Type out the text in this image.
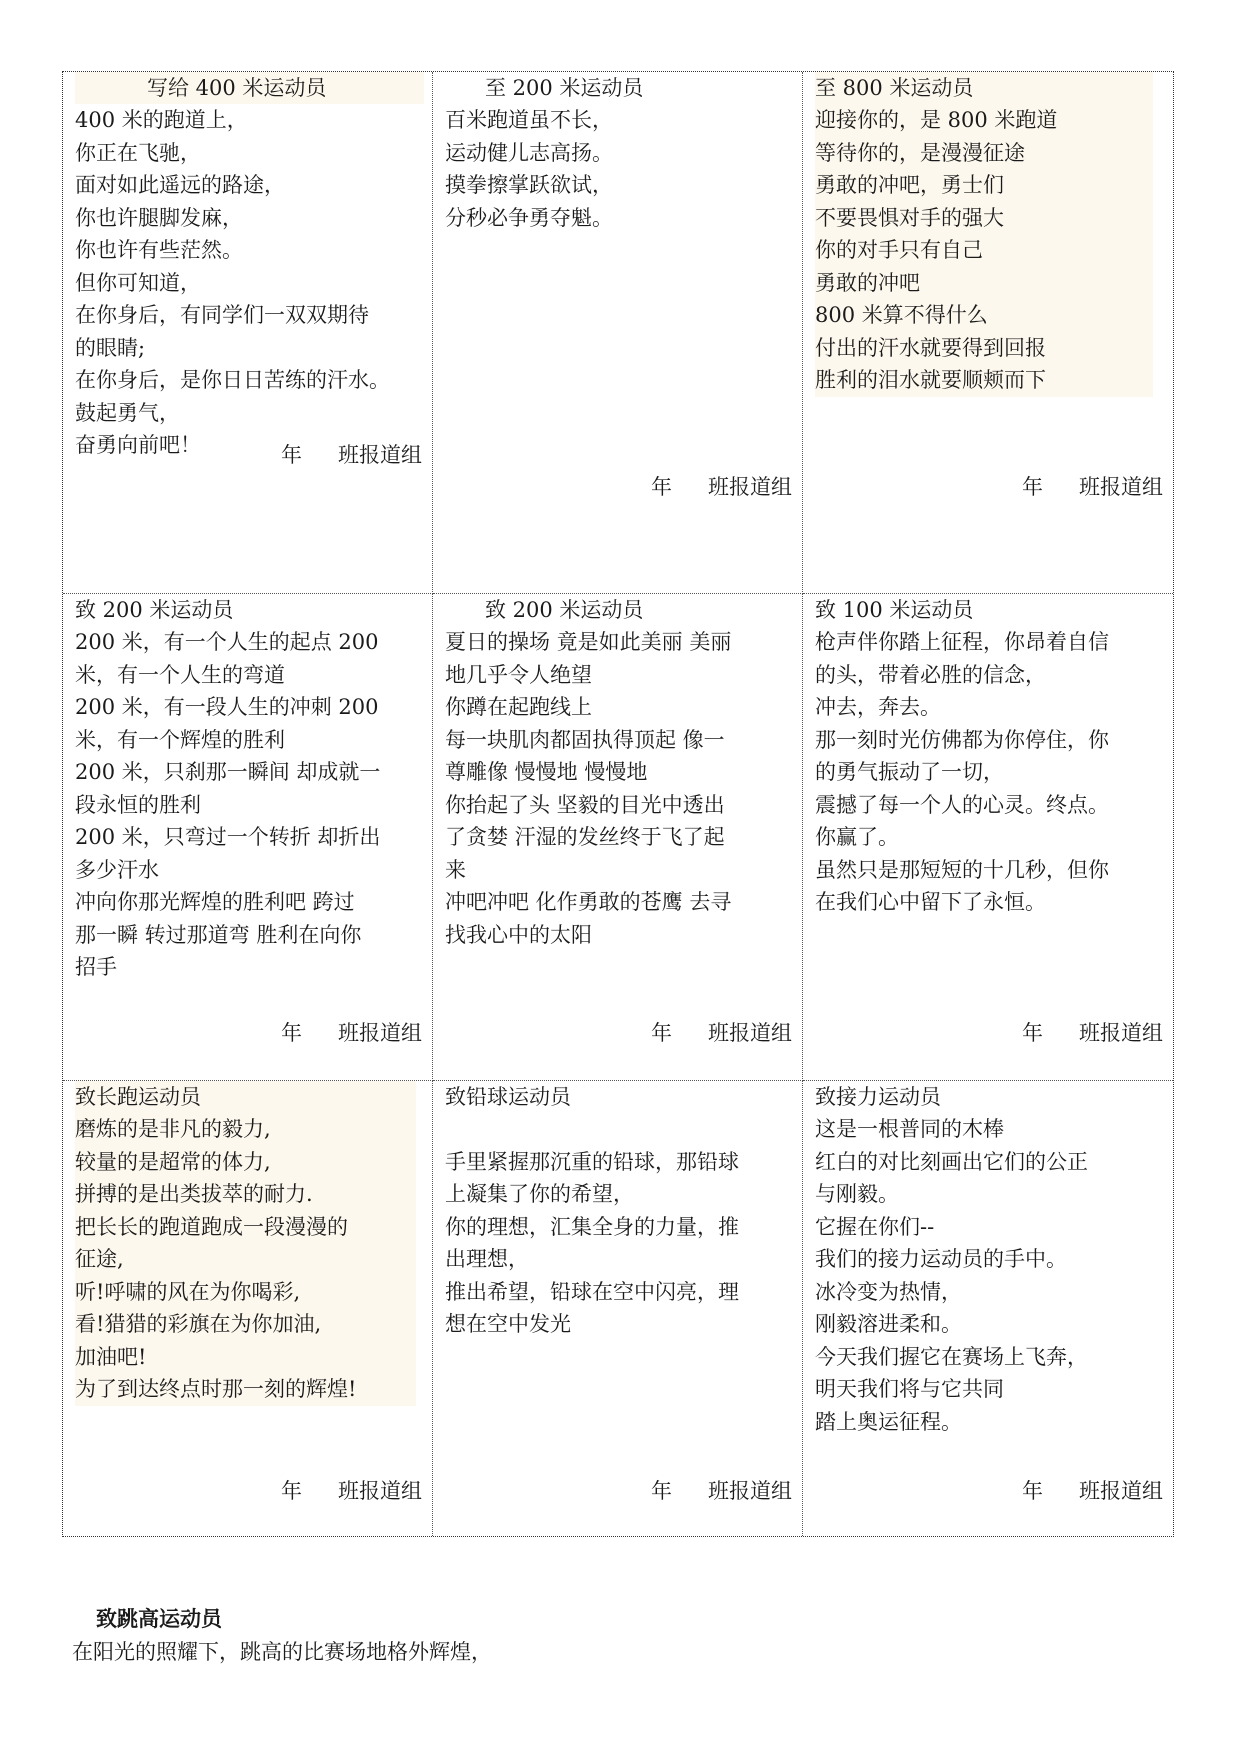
写给 400 米运动员
400 米的跑道上，
你正在飞驰，
面对如此遥远的路途，
你也许腿脚发麻，
你也许有些茫然。
但你可知道，
在你身后，有同学们一双双期待
的眼睛;
在你身后，是你日日苦练的汗水。
鼓起勇气，
奋勇向前吧！	年 班报道组
至 200 米运动员
百米跑道虽不长，
运动健儿志高扬。
摸拳擦掌跃欲试，
分秒必争勇夺魁。
年 班报道组
至 800 米运动员
迎接你的，是 800 米跑道
等待你的，是漫漫征途
勇敢的冲吧，勇士们
不要畏惧对手的强大
你的对手只有自己
勇敢的冲吧
800 米算不得什么
付出的汗水就要得到回报
胜利的泪水就要顺颊而下
年 班报道组
致 200 米运动员
200 米，有一个人生的起点 200
米，有一个人生的弯道
200 米，有一段人生的冲刺 200
米，有一个辉煌的胜利
200 米，只刹那一瞬间 却成就一
段永恒的胜利
200 米，只弯过一个转折 却折出
多少汗水
冲向你那光辉煌的胜利吧 跨过
那一瞬 转过那道弯 胜利在向你
招手
年 班报道组
致 200 米运动员
夏日的操场 竟是如此美丽 美丽
地几乎令人绝望
你蹲在起跑线上
每一块肌肉都固执得顶起 像一
尊雕像 慢慢地 慢慢地
你抬起了头 坚毅的目光中透出
了贪婪 汗湿的发丝终于飞了起
来
冲吧冲吧 化作勇敢的苍鹰 去寻
找我心中的太阳
年 班报道组
致 100 米运动员
枪声伴你踏上征程，你昂着自信
的头，带着必胜的信念，
冲去，奔去。
那一刻时光仿佛都为你停住，你
的勇气振动了一切，
震撼了每一个人的心灵。终点。
你赢了。
虽然只是那短短的十几秒，但你
在我们心中留下了永恒。
年 班报道组
致长跑运动员
磨炼的是非凡的毅力,
较量的是超常的体力,
拼搏的是出类拔萃的耐力.
把长长的跑道跑成一段漫漫的
征途,
听!呼啸的风在为你喝彩,
看!猎猎的彩旗在为你加油,
加油吧!
为了到达终点时那一刻的辉煌!
年 班报道组
致铅球运动员
手里紧握那沉重的铅球，那铅球
上凝集了你的希望，
你的理想，汇集全身的力量，推
出理想，
推出希望，铅球在空中闪亮，理
想在空中发光
年 班报道组
致接力运动员
这是一根普同的木棒
红白的对比刻画出它们的公正
与刚毅。
它握在你们--
我们的接力运动员的手中。
冰冷变为热情，
刚毅溶进柔和。
今天我们握它在赛场上飞奔，
明天我们将与它共同
踏上奥运征程。
年 班报道组
致跳高运动员
在阳光的照耀下，跳高的比赛场地格外辉煌，
